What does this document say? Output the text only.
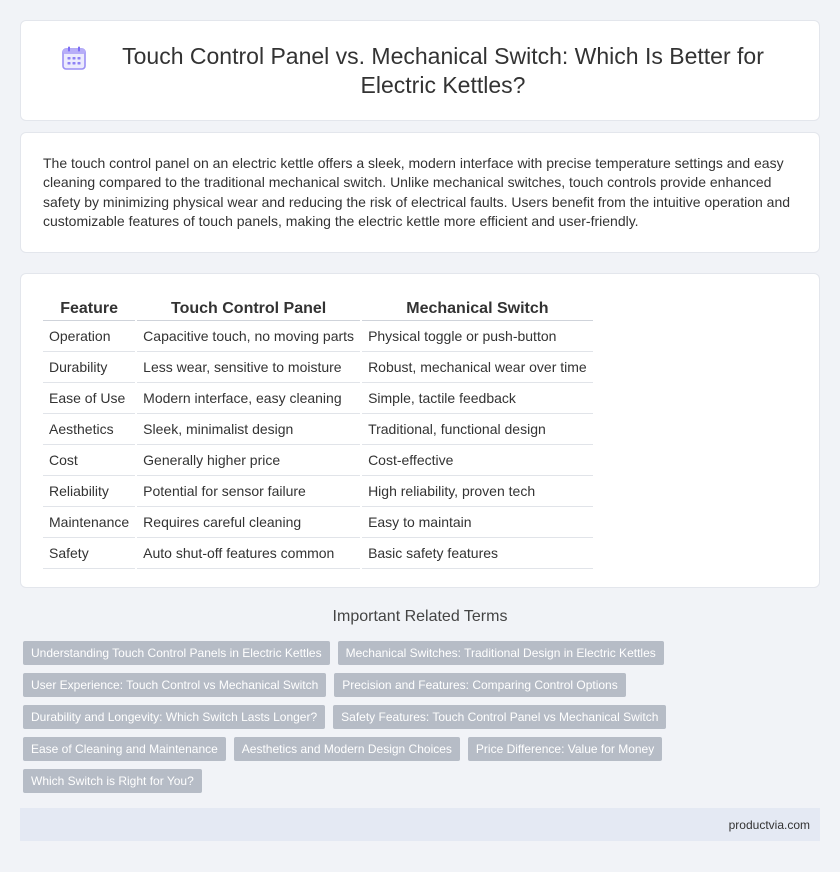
Touch Control Panel vs. Mechanical Switch: Which Is Better for Electric Kettles?

The touch control panel on an electric kettle offers a sleek, modern interface with precise temperature settings and easy cleaning compared to the traditional mechanical switch. Unlike mechanical switches, touch controls provide enhanced safety by minimizing physical wear and reducing the risk of electrical faults. Users benefit from the intuitive operation and customizable features of touch panels, making the electric kettle more efficient and user-friendly.

Feature	Touch Control Panel	Mechanical Switch
Operation	Capacitive touch, no moving parts	Physical toggle or push-button
Durability	Less wear, sensitive to moisture	Robust, mechanical wear over time
Ease of Use	Modern interface, easy cleaning	Simple, tactile feedback
Aesthetics	Sleek, minimalist design	Traditional, functional design
Cost	Generally higher price	Cost-effective
Reliability	Potential for sensor failure	High reliability, proven tech
Maintenance	Requires careful cleaning	Easy to maintain
Safety	Auto shut-off features common	Basic safety features
Important Related Terms
Understanding Touch Control Panels in Electric Kettles	Mechanical Switches: Traditional Design in Electric Kettles
User Experience: Touch Control vs Mechanical Switch	Precision and Features: Comparing Control Options
Durability and Longevity: Which Switch Lasts Longer?	Safety Features: Touch Control Panel vs Mechanical Switch
Ease of Cleaning and Maintenance	Aesthetics and Modern Design Choices	Price Difference: Value for Money
Which Switch is Right for You?
productvia.com
